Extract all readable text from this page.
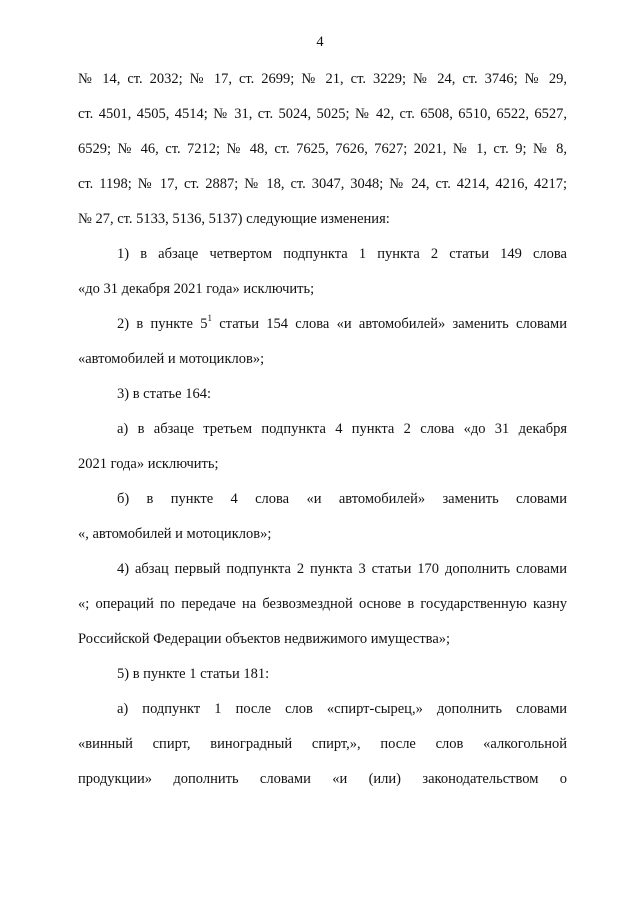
4
№ 14, ст. 2032; № 17, ст. 2699; № 21, ст. 3229; № 24, ст. 3746; № 29,
ст. 4501, 4505, 4514; № 31, ст. 5024, 5025; № 42, ст. 6508, 6510, 6522, 6527,
6529; № 46, ст. 7212; № 48, ст. 7625, 7626, 7627; 2021, № 1, ст. 9; № 8,
ст. 1198; № 17, ст. 2887; № 18, ст. 3047, 3048; № 24, ст. 4214, 4216, 4217;
№ 27, ст. 5133, 5136, 5137) следующие изменения:
1) в абзаце четвертом подпункта 1 пункта 2 статьи 149 слова
«до 31 декабря 2021 года» исключить;
2) в пункте $5^1$ статьи 154 слова «и автомобилей» заменить словами
«автомобилей и мотоциклов»;
3) в статье 164:
а) в абзаце третьем подпункта 4 пункта 2 слова «до 31 декабря
2021 года» исключить;
б) в пункте 4 слова «и автомобилей» заменить словами
«, автомобилей и мотоциклов»;
4) абзац первый подпункта 2 пункта 3 статьи 170 дополнить словами
«; операций по передаче на безвозмездной основе в государственную казну
Российской Федерации объектов недвижимого имущества»;
5) в пункте 1 статьи 181:
а) подпункт 1 после слов «спирт-сырец,» дополнить словами
«винный спирт, виноградный спирт,», после слов «алкогольной
продукции» дополнить словами «и (или) законодательством о
